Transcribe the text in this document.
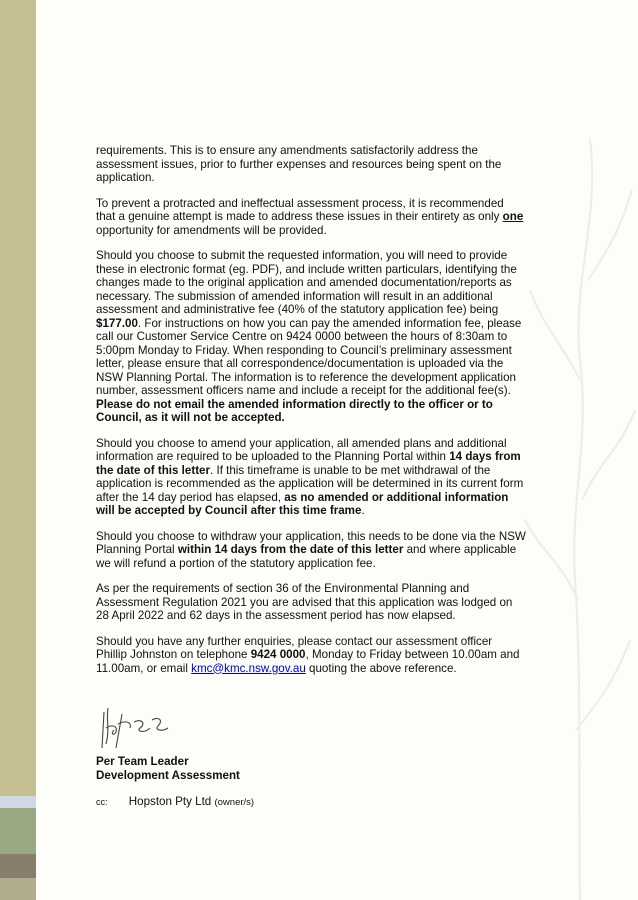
requirements. This is to ensure any amendments satisfactorily address the assessment issues, prior to further expenses and resources being spent on the application.

To prevent a protracted and ineffectual assessment process, it is recommended that a genuine attempt is made to address these issues in their entirety as only one opportunity for amendments will be provided.

Should you choose to submit the requested information, you will need to provide these in electronic format (eg. PDF), and include written particulars, identifying the changes made to the original application and amended documentation/reports as necessary. The submission of amended information will result in an additional assessment and administrative fee (40% of the statutory application fee) being $177.00. For instructions on how you can pay the amended information fee, please call our Customer Service Centre on 9424 0000 between the hours of 8:30am to 5:00pm Monday to Friday. When responding to Council’s preliminary assessment letter, please ensure that all correspondence/documentation is uploaded via the NSW Planning Portal. The information is to reference the development application number, assessment officers name and include a receipt for the additional fee(s). Please do not email the amended information directly to the officer or to Council, as it will not be accepted.

Should you choose to amend your application, all amended plans and additional information are required to be uploaded to the Planning Portal within 14 days from the date of this letter. If this timeframe is unable to be met withdrawal of the application is recommended as the application will be determined in its current form after the 14 day period has elapsed, as no amended or additional information will be accepted by Council after this time frame.

Should you choose to withdraw your application, this needs to be done via the NSW Planning Portal within 14 days from the date of this letter and where applicable we will refund a portion of the statutory application fee.

As per the requirements of section 36 of the Environmental Planning and Assessment Regulation 2021 you are advised that this application was lodged on 28 April 2022 and 62 days in the assessment period has now elapsed.

Should you have any further enquiries, please contact our assessment officer Phillip Johnston on telephone 9424 0000, Monday to Friday between 10.00am and 11.00am, or email kmc@kmc.nsw.gov.au quoting the above reference.

Per Team Leader
Development Assessment
cc: Hopston Pty Ltd (owner/s)
